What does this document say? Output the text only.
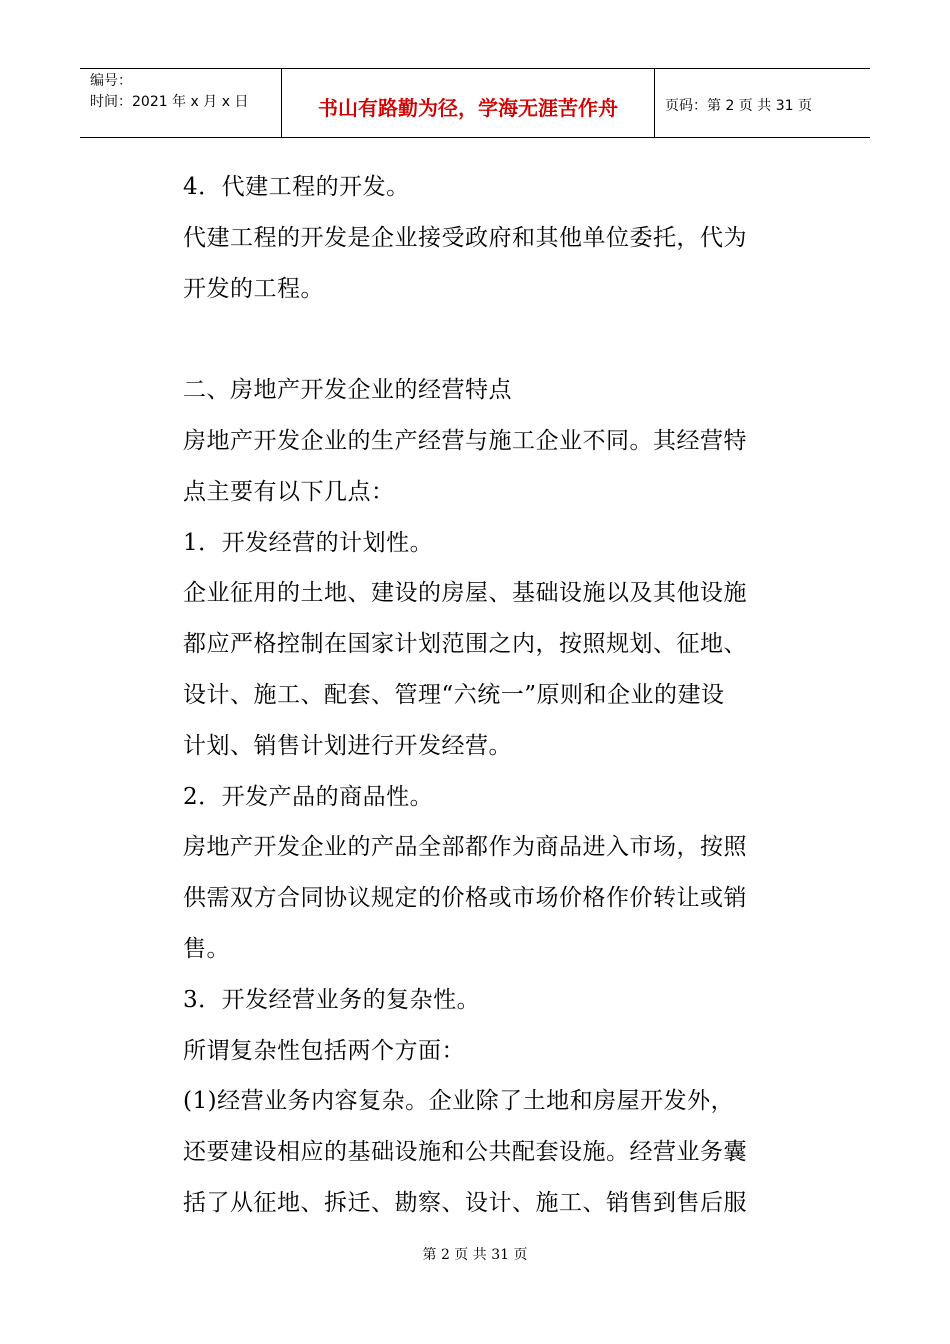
编号：
时间：2021 年 x 月 x 日	书山有路勤为径，学海无涯苦作舟	页码：第 2 页 共 31 页
4．代建工程的开发。
代建工程的开发是企业接受政府和其他单位委托，代为
开发的工程。
二、房地产开发企业的经营特点
房地产开发企业的生产经营与施工企业不同。其经营特
点主要有以下几点：
1．开发经营的计划性。
企业征用的土地、建设的房屋、基础设施以及其他设施
都应严格控制在国家计划范围之内，按照规划、征地、
设计、施工、配套、管理“六统一”原则和企业的建设
计划、销售计划进行开发经营。
2．开发产品的商品性。
房地产开发企业的产品全部都作为商品进入市场，按照
供需双方合同协议规定的价格或市场价格作价转让或销
售。
3．开发经营业务的复杂性。
所谓复杂性包括两个方面：
(1)经营业务内容复杂。企业除了土地和房屋开发外，
还要建设相应的基础设施和公共配套设施。经营业务囊
括了从征地、拆迁、勘察、设计、施工、销售到售后服
第 2 页 共 31 页
